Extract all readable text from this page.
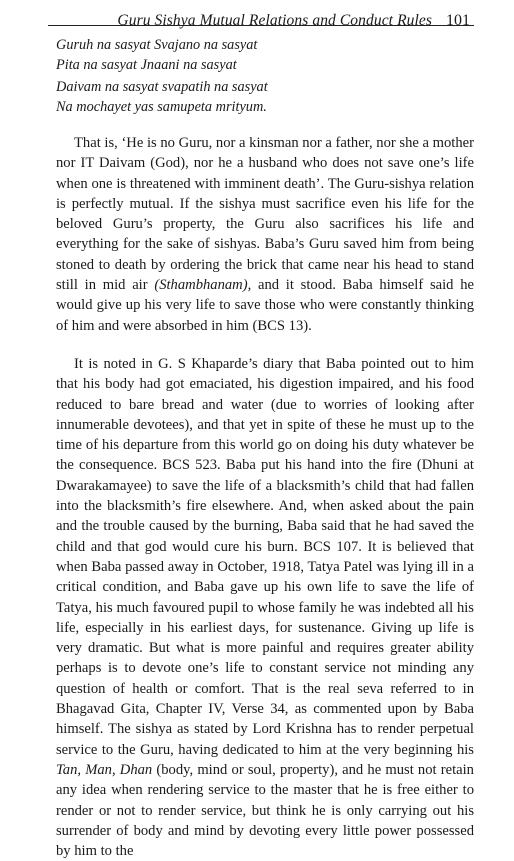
Guru Sishya Mutual Relations and Conduct Rules 101
Guruh na sasyat Svajano na sasyat
Pita na sasyat Jnaani na sasyat
Daivam na sasyat svapatih na sasyat
Na mochayet yas samupeta mrityum.

That is, ‘He is no Guru, nor a kinsman nor a father, nor she a mother nor IT Daivam (God), nor he a husband who does not save one’s life when one is threatened with imminent death’. The Guru-sishya relation is perfectly mutual. If the sishya must sacrifice even his life for the beloved Guru’s property, the Guru also sacrifices his life and everything for the sake of sishyas. Baba’s Guru saved him from being stoned to death by ordering the brick that came near his head to stand still in mid air (Sthambhanam), and it stood. Baba himself said he would give up his very life to save those who were constantly thinking of him and were absorbed in him (BCS 13).

It is noted in G. S Khaparde’s diary that Baba pointed out to him that his body had got emaciated, his digestion impaired, and his food reduced to bare bread and water (due to worries of looking after innumerable devotees), and that yet in spite of these he must up to the time of his departure from this world go on doing his duty whatever be the consequence. BCS 523. Baba put his hand into the fire (Dhuni at Dwarakamayee) to save the life of a blacksmith’s child that had fallen into the blacksmith’s fire elsewhere. And, when asked about the pain and the trouble caused by the burning, Baba said that he had saved the child and that god would cure his burn. BCS 107. It is believed that when Baba passed away in October, 1918, Tatya Patel was lying ill in a critical condition, and Baba gave up his own life to save the life of Tatya, his much favoured pupil to whose family he was indebted all his life, especially in his earliest days, for sustenance. Giving up life is very dramatic. But what is more painful and requires greater ability perhaps is to devote one’s life to constant service not minding any question of health or comfort. That is the real seva referred to in Bhagavad Gita, Chapter IV, Verse 34, as commented upon by Baba himself. The sishya as stated by Lord Krishna has to render perpetual service to the Guru, having dedicated to him at the very beginning his Tan, Man, Dhan (body, mind or soul, property), and he must not retain any idea when rendering service to the master that he is free either to render or not to render service, but think he is only carrying out his surrender of body and mind by devoting every little power possessed by him to the
